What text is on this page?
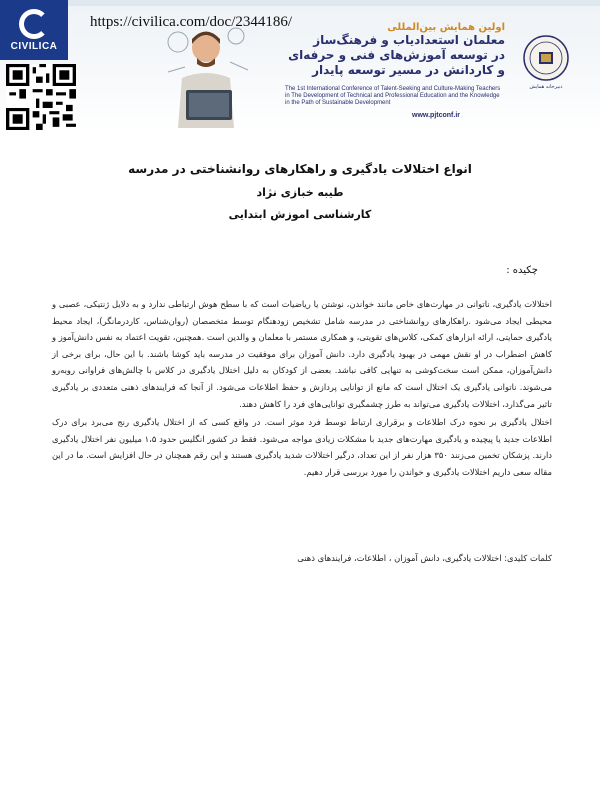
CIVILICA
https://civilica.com/doc/2344186/	اولین همایش بین‌المللی
معلمان استعدادیاب و فرهنگ‌ساز
در توسعه آموزش‌های فنی و حرفه‌ای
و کاردانش در مسیر توسعه پایدار
The 1st International Conference of Talent-Seeking and Culture-Making Teachers in The Development of Technical and Professional Education and the Knowledge in the Path of Sustainable Development
www.pjtconf.ir
دبیرخانه همایش
انواع اختلالات یادگیری و راهکارهای روانشناختی در مدرسه
طیبه خبازی نژاد
کارشناسی اموزش ابتدایی
چکیده :

اختلالات یادگیری، ناتوانی در مهارت‌های خاص مانند خواندن، نوشتن یا ریاضیات است که با سطح هوش ارتباطی ندارد و به دلایل ژنتیکی، عصبی و محیطی ایجاد می‌شود .راهکارهای روانشناختی در مدرسه شامل تشخیص زودهنگام توسط متخصصان (روان‌شناس، کاردرمانگر)، ایجاد محیط یادگیری حمایتی، ارائه ابزارهای کمکی، کلاس‌های تقویتی، و همکاری مستمر با معلمان و والدین است .همچنین، تقویت اعتماد به نفس دانش‌آموز و کاهش اضطراب در او نقش مهمی در بهبود یادگیری دارد. دانش آموزان برای موفقیت در مدرسه باید کوشا باشند. با این حال، برای برخی از دانش‌آموزان، ممکن است سخت‌کوشی به تنهایی کافی نباشد. بعضی از کودکان به دلیل اختلال یادگیری در کلاس با چالش‌های فراوانی روبه‌رو می‌شوند. ناتوانی یادگیری یک اختلال است که مانع از توانایی پردازش و حفظ اطلاعات می‌شود. از آنجا که فرایندهای ذهنی متعددی بر یادگیری تاثیر می‌گذارد، اختلالات یادگیری می‌تواند به طرز چشمگیری توانایی‌های فرد را کاهش دهند.

اختلال یادگیری بر نحوه درک اطلاعات و برقراری ارتباط توسط فرد موثر است. در واقع کسی که از اختلال یادگیری رنج می‌برد برای درک اطلاعات جدید یا پیچیده و یادگیری مهارت‌های جدید با مشکلات زیادی مواجه می‌شود. فقط در کشور انگلیس حدود ۱،۵ میلیون نفر اختلال یادگیری دارند. پزشکان تخمین می‌زنند ۳۵۰ هزار نفر از این تعداد، درگیر اختلالات شدید یادگیری هستند و این رقم همچنان در حال افزایش است. ما در این مقاله سعی داریم اختلالات یادگیری و خواندن را مورد بررسی قرار دهیم.

کلمات کلیدی: اختلالات یادگیری، دانش آموزان ، اطلاعات، فرایندهای ذهنی
